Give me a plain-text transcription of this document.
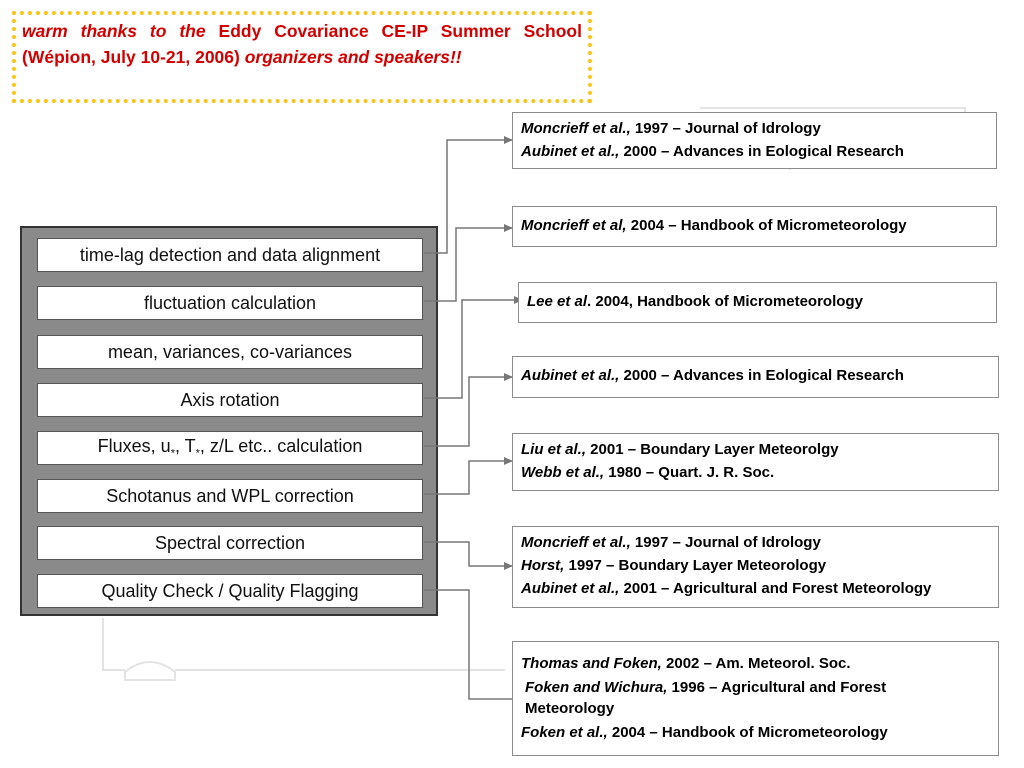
warm thanks to the Eddy Covariance CE-IP Summer School (Wépion, July 10-21, 2006) organizers and speakers!!
time-lag detection and data alignment
fluctuation calculation
mean, variances, co-variances
Axis rotation
Fluxes, $u_*$, $T_*$, z/L etc.. calculation
Schotanus and WPL correction
Spectral correction
Quality Check / Quality Flagging
Moncrieff et al., 1997 – Journal of Idrology
Aubinet et al., 2000 – Advances in Eological Research
Moncrieff et al, 2004 – Handbook of Micrometeorology
Lee et al. 2004, Handbook of Micrometeorology
Aubinet et al., 2000 – Advances in Eological Research
Liu et al., 2001 – Boundary Layer Meteorolgy
Webb et al., 1980 – Quart. J. R. Soc.
Moncrieff et al., 1997 – Journal of Idrology
Horst, 1997 – Boundary Layer Meteorology
Aubinet et al., 2001 – Agricultural and Forest Meteorology
Thomas and Foken, 2002 – Am. Meteorol. Soc.
Foken and Wichura, 1996 – Agricultural and Forest Meteorology
Foken et al., 2004 – Handbook of Micrometeorology
